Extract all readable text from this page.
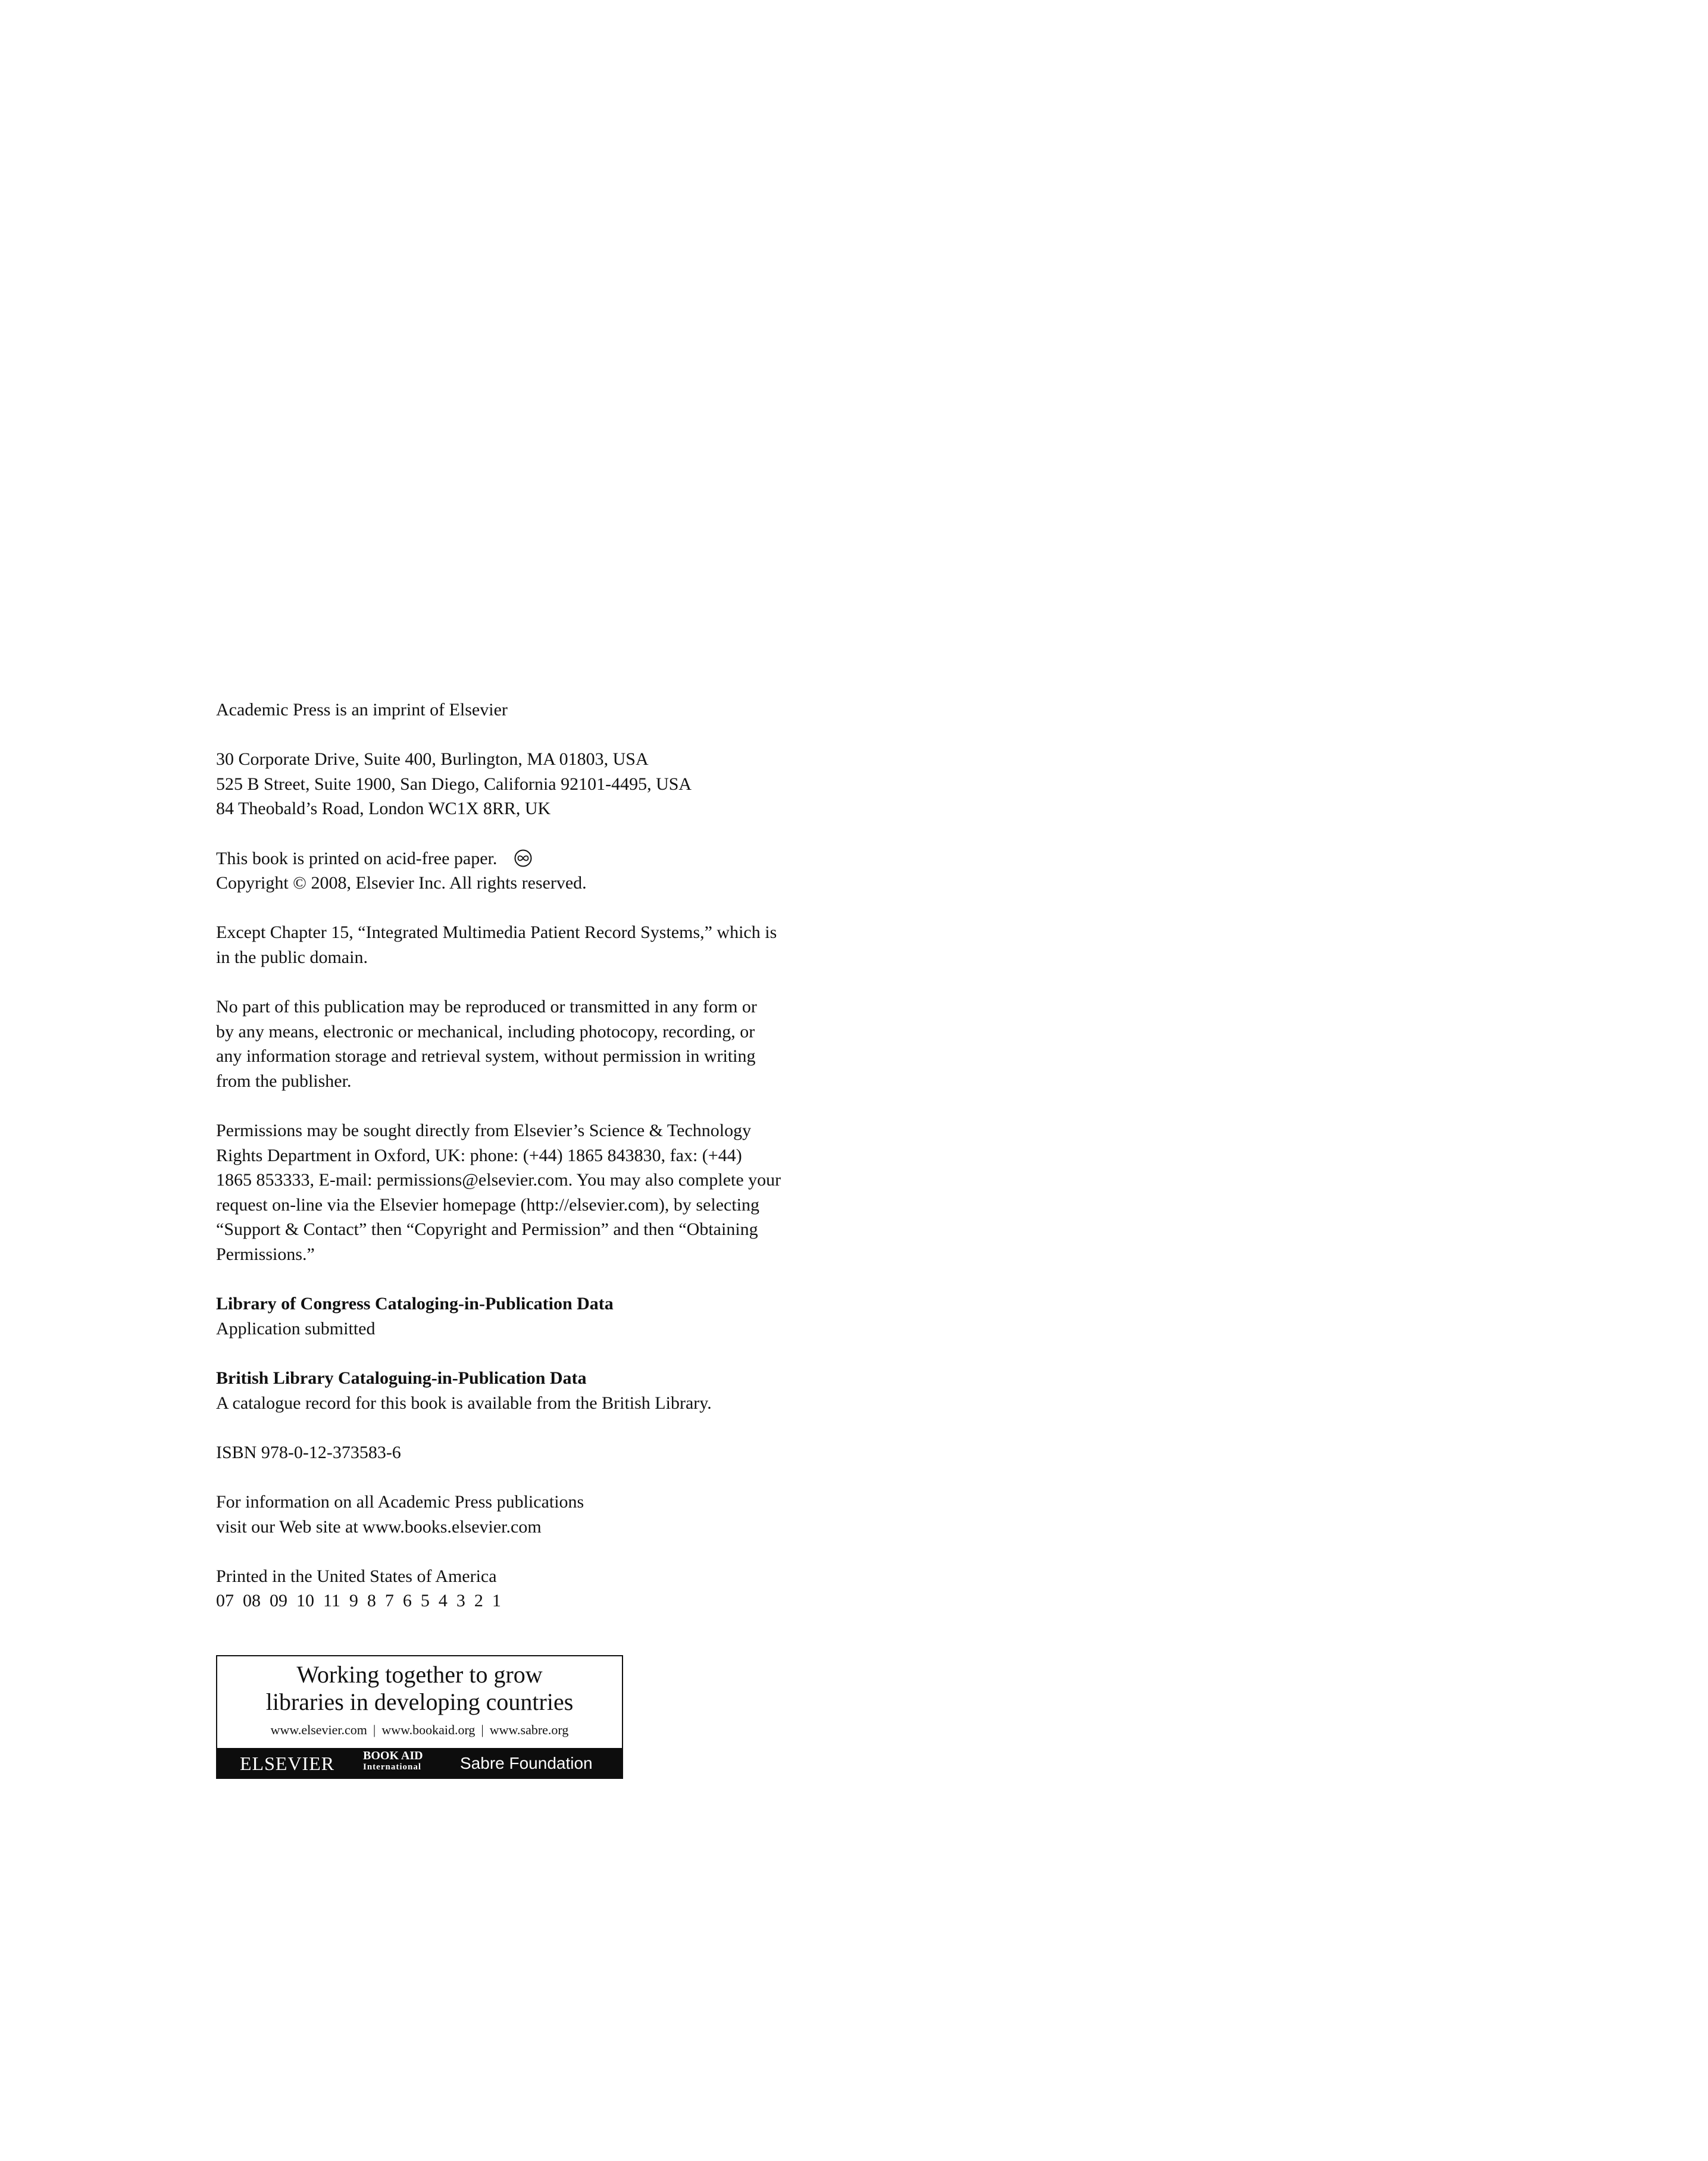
Academic Press is an imprint of Elsevier
30 Corporate Drive, Suite 400, Burlington, MA 01803, USA
525 B Street, Suite 1900, San Diego, California 92101-4495, USA
84 Theobald’s Road, London WC1X 8RR, UK
This book is printed on acid-free paper.
Copyright © 2008, Elsevier Inc. All rights reserved.
Except Chapter 15, “Integrated Multimedia Patient Record Systems,” which is
in the public domain.
No part of this publication may be reproduced or transmitted in any form or
by any means, electronic or mechanical, including photocopy, recording, or
any information storage and retrieval system, without permission in writing
from the publisher.
Permissions may be sought directly from Elsevier’s Science & Technology
Rights Department in Oxford, UK: phone: (+44) 1865 843830, fax: (+44)
1865 853333, E-mail: permissions@elsevier.com. You may also complete your
request on-line via the Elsevier homepage (http://elsevier.com), by selecting
“Support & Contact” then “Copyright and Permission” and then “Obtaining
Permissions.”
Library of Congress Cataloging-in-Publication Data
Application submitted
British Library Cataloguing-in-Publication Data
A catalogue record for this book is available from the British Library.
ISBN 978-0-12-373583-6
For information on all Academic Press publications
visit our Web site at www.books.elsevier.com
Printed in the United States of America
07  08  09  10  11  9  8  7  6  5  4  3  2  1
Working together to grow
libraries in developing countries
www.elsevier.com | www.bookaid.org | www.sabre.org
ELSEVIER BOOK AID
International Sabre Foundation
